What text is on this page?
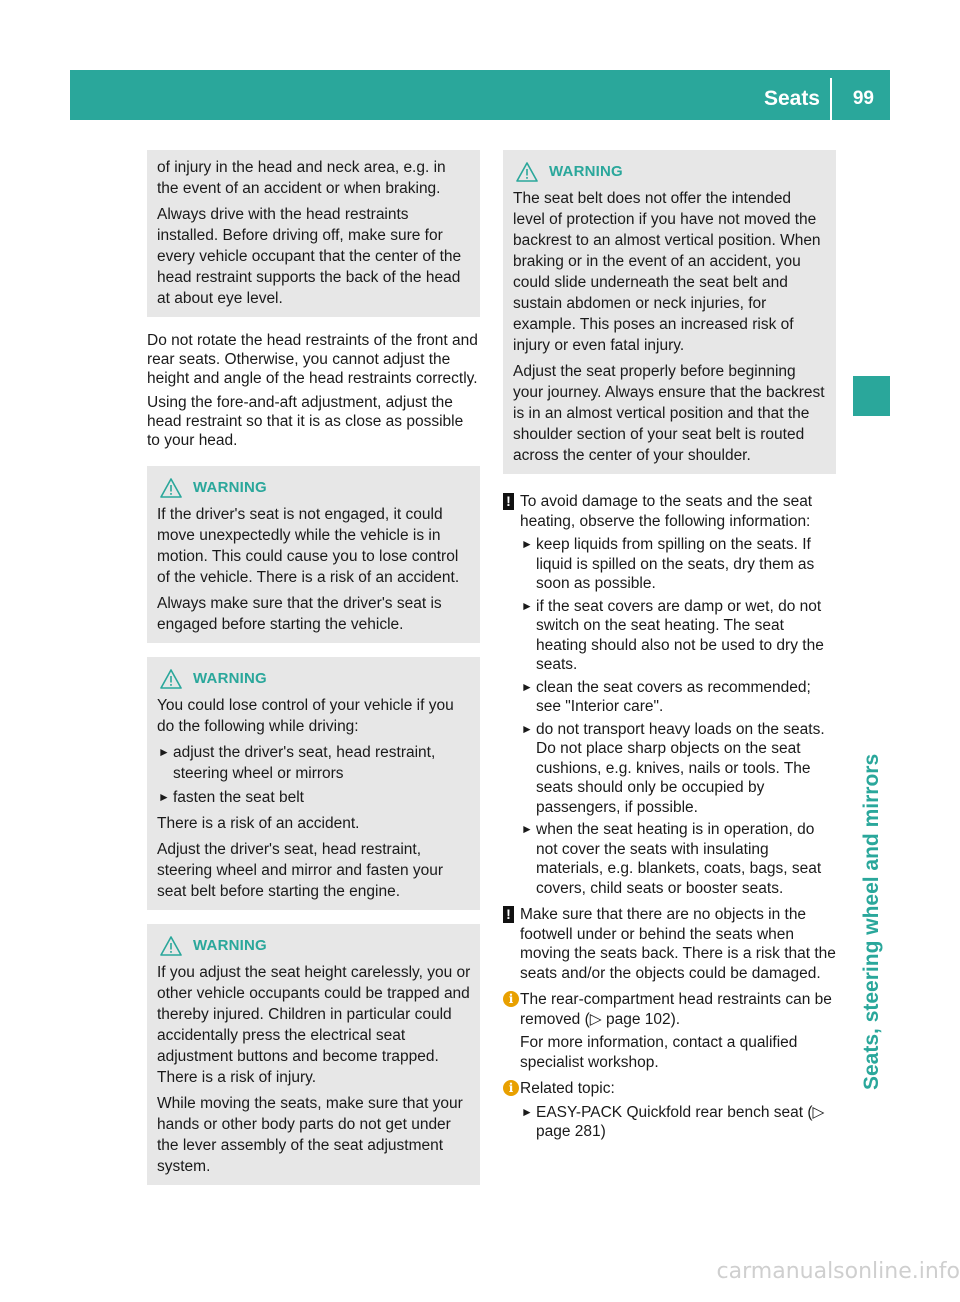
Seats 99
Seats, steering wheel and mirrors

of injury in the head and neck area, e.g. in the event of an accident or when braking.

Always drive with the head restraints installed. Before driving off, make sure for every vehicle occupant that the center of the head restraint supports the back of the head at about eye level.

Do not rotate the head restraints of the front and rear seats. Otherwise, you cannot adjust the height and angle of the head restraints correctly.

Using the fore-and-aft adjustment, adjust the head restraint so that it is as close as possible to your head.

WARNING

If the driver's seat is not engaged, it could move unexpectedly while the vehicle is in motion. This could cause you to lose control of the vehicle. There is a risk of an accident.

Always make sure that the driver's seat is engaged before starting the vehicle.

WARNING

You could lose control of your vehicle if you do the following while driving:

► adjust the driver's seat, head restraint, steering wheel or mirrors
► fasten the seat belt

There is a risk of an accident.

Adjust the driver's seat, head restraint, steering wheel and mirror and fasten your seat belt before starting the engine.

WARNING

If you adjust the seat height carelessly, you or other vehicle occupants could be trapped and thereby injured. Children in particular could accidentally press the electrical seat adjustment buttons and become trapped. There is a risk of injury.

While moving the seats, make sure that your hands or other body parts do not get under the lever assembly of the seat adjustment system.

WARNING

The seat belt does not offer the intended level of protection if you have not moved the backrest to an almost vertical position. When braking or in the event of an accident, you could slide underneath the seat belt and sustain abdomen or neck injuries, for example. This poses an increased risk of injury or even fatal injury.

Adjust the seat properly before beginning your journey. Always ensure that the backrest is in an almost vertical position and that the shoulder section of your seat belt is routed across the center of your shoulder.

! To avoid damage to the seats and the seat heating, observe the following information:

► keep liquids from spilling on the seats. If liquid is spilled on the seats, dry them as soon as possible.
► if the seat covers are damp or wet, do not switch on the seat heating. The seat heating should also not be used to dry the seats.
► clean the seat covers as recommended; see "Interior care".
► do not transport heavy loads on the seats. Do not place sharp objects on the seat cushions, e.g. knives, nails or tools. The seats should only be occupied by passengers, if possible.
► when the seat heating is in operation, do not cover the seats with insulating materials, e.g. blankets, coats, bags, seat covers, child seats or booster seats.
! Make sure that there are no objects in the footwell under or behind the seats when moving the seats back. There is a risk that the seats and/or the objects could be damaged.

i The rear-compartment head restraints can be removed (▷ page 102).

For more information, contact a qualified specialist workshop.

i Related topic:

► EASY-PACK Quickfold rear bench seat (▷ page 281)
carmanualsonline.info
